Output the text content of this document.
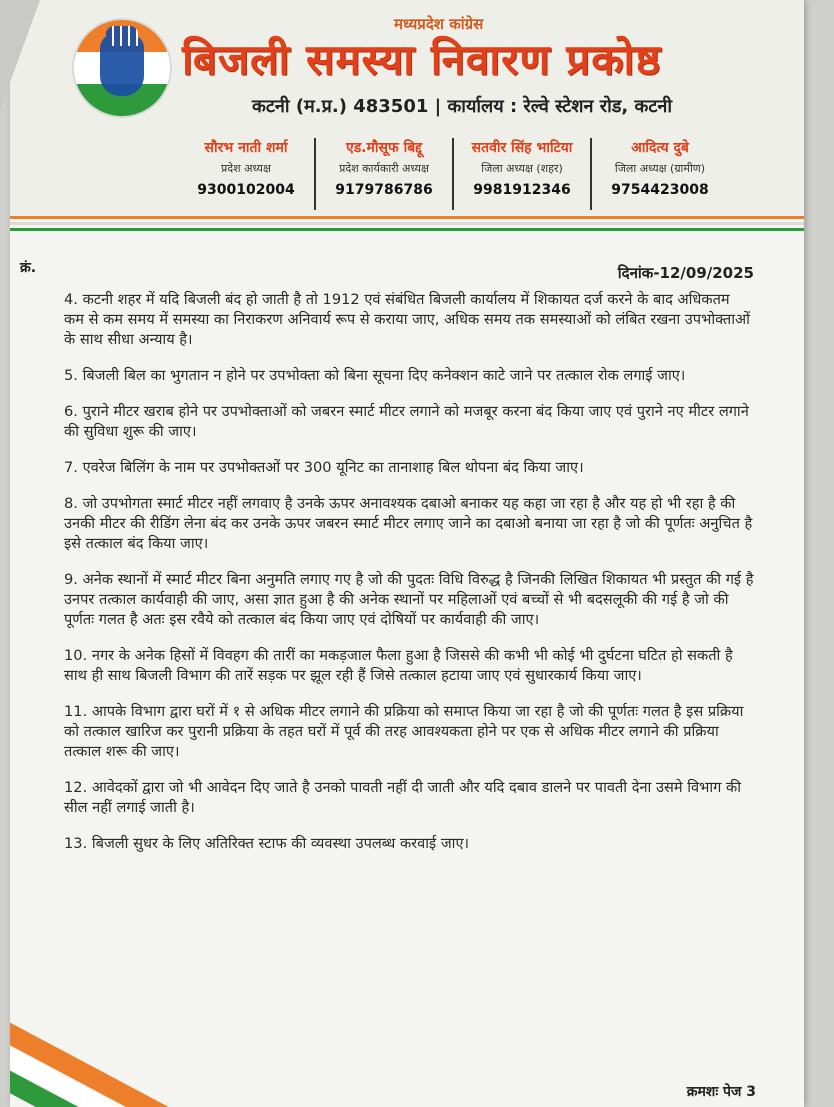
मध्यप्रदेश कांग्रेस
बिजली समस्या निवारण प्रकोष्ठ
कटनी (म.प्र.) 483501 | कार्यालय : रेल्वे स्टेशन रोड, कटनी
सौरभ नाती शर्मा
प्रदेश अध्यक्ष
9300102004
एड.मौसूफ बिद्दू
प्रदेश कार्यकारी अध्यक्ष
9179786786
सतवीर सिंह भाटिया
जिला अध्यक्ष (शहर)
9981912346
आदित्य दुबे
जिला अध्यक्ष (ग्रामीण)
9754423008
क्रं.	दिनांक-12/09/2025
4. कटनी शहर में यदि बिजली बंद हो जाती है तो 1912 एवं संबंधित बिजली कार्यालय में शिकायत दर्ज करने के बाद अधिकतम कम से कम समय में समस्या का निराकरण अनिवार्य रूप से कराया जाए, अधिक समय तक समस्याओं को लंबित रखना उपभोक्ताओं के साथ सीधा अन्याय है।
5. बिजली बिल का भुगतान न होने पर उपभोक्ता को बिना सूचना दिए कनेक्शन काटे जाने पर तत्काल रोक लगाई जाए।
6. पुराने मीटर खराब होने पर उपभोक्ताओं को जबरन स्मार्ट मीटर लगाने को मजबूर करना बंद किया जाए एवं पुराने नए मीटर लगाने की सुविधा शुरू की जाए।
7. एवरेज बिलिंग के नाम पर उपभोक्तओं पर 300 यूनिट का तानाशाह बिल थोपना बंद किया जाए।
8. जो उपभोगता स्मार्ट मीटर नहीं लगवाए है उनके ऊपर अनावश्यक दबाओ बनाकर यह कहा जा रहा है और यह हो भी रहा है की उनकी मीटर की रीडिंग लेना बंद कर उनके ऊपर जबरन स्मार्ट मीटर लगाए जाने का दबाओ बनाया जा रहा है जो की पूर्णतः अनुचित है इसे तत्काल बंद किया जाए।
9. अनेक स्थानों में स्मार्ट मीटर बिना अनुमति लगाए गए है जो की पुदतः विधि विरुद्ध है जिनकी लिखित शिकायत भी प्रस्तुत की गई है उनपर तत्काल कार्यवाही की जाए, असा ज्ञात हुआ है की अनेक स्थानों पर महिलाओं एवं बच्चों से भी बदसलूकी की गई है जो की पूर्णतः गलत है अतः इस रवैये को तत्काल बंद किया जाए एवं दोषियों पर कार्यवाही की जाए।
10. नगर के अनेक हिसों में विवहग की तारीं का मकड़जाल फैला हुआ है जिससे की कभी भी कोई भी दुर्घटना घटित हो सकती है साथ ही साथ बिजली विभाग की तारें सड़क पर झूल रही हैं जिसे तत्काल हटाया जाए एवं सुधारकार्य किया जाए।
11. आपके विभाग द्वारा घरों में १ से अधिक मीटर लगाने की प्रक्रिया को समाप्त किया जा रहा है जो की पूर्णतः गलत है इस प्रक्रिया को तत्काल खारिज कर पुरानी प्रक्रिया के तहत घरों में पूर्व की तरह आवश्यकता होने पर एक से अधिक मीटर लगाने की प्रक्रिया तत्काल शरू की जाए।
12. आवेदकों द्वारा जो भी आवेदन दिए जाते है उनको पावती नहीं दी जाती और यदि दबाव डालने पर पावती देना उसमे विभाग की सील नहीं लगाई जाती है।
13. बिजली सुधर के लिए अतिरिक्त स्टाफ की व्यवस्था उपलब्ध करवाई जाए।
क्रमशः पेज 3
